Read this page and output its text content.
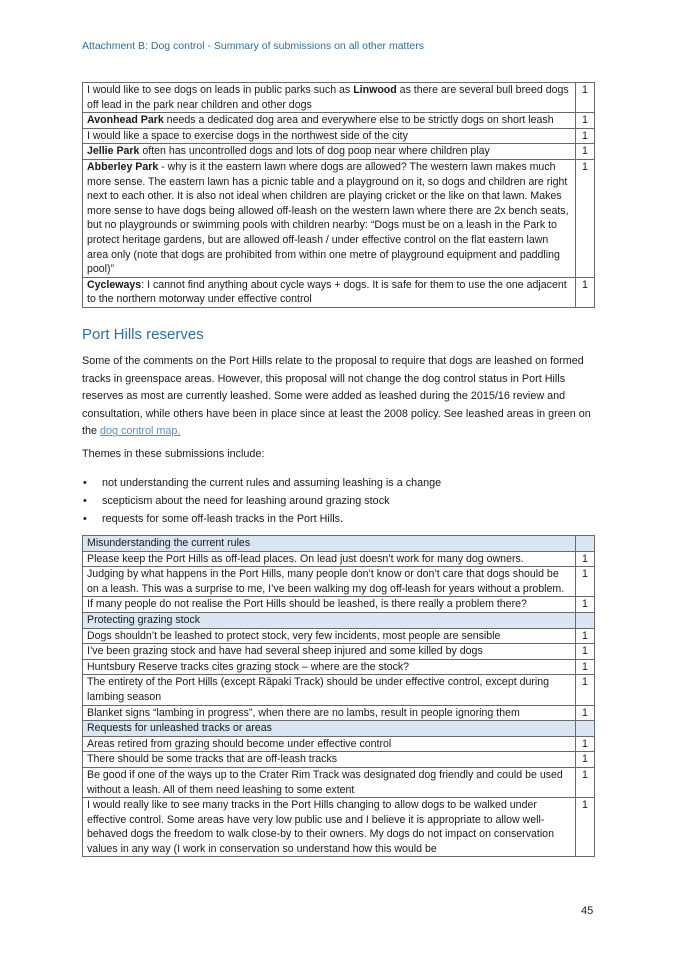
Attachment B: Dog control - Summary of submissions on all other matters
I would like to see dogs on leads in public parks such as Linwood as there are several bull breed dogs off lead in the park near children and other dogs	1
Avonhead Park needs a dedicated dog area and everywhere else to be strictly dogs on short leash	1
I would like a space to exercise dogs in the northwest side of the city	1
Jellie Park often has uncontrolled dogs and lots of dog poop near where children play	1
Abberley Park - why is it the eastern lawn where dogs are allowed? The western lawn makes much more sense. The eastern lawn has a picnic table and a playground on it, so dogs and children are right next to each other. It is also not ideal when children are playing cricket or the like on that lawn. Makes more sense to have dogs being allowed off-leash on the western lawn where there are 2x bench seats, but no playgrounds or swimming pools with children nearby: “Dogs must be on a leash in the Park to protect heritage gardens, but are allowed off-leash / under effective control on the flat eastern lawn area only (note that dogs are prohibited from within one metre of playground equipment and paddling pool)”	1
Cycleways: I cannot find anything about cycle ways + dogs. It is safe for them to use the one adjacent to the northern motorway under effective control	1
Port Hills reserves

Some of the comments on the Port Hills relate to the proposal to require that dogs are leashed on formed tracks in greenspace areas. However, this proposal will not change the dog control status in Port Hills reserves as most are currently leashed. Some were added as leashed during the 2015/16 review and consultation, while others have been in place since at least the 2008 policy. See leashed areas in green on the dog control map.

Themes in these submissions include:

• not understanding the current rules and assuming leashing is a change
• scepticism about the need for leashing around grazing stock
• requests for some off-leash tracks in the Port Hills.
Misunderstanding the current rules	
Please keep the Port Hills as off-lead places. On lead just doesn’t work for many dog owners.	1
Judging by what happens in the Port Hills, many people don’t know or don’t care that dogs should be on a leash. This was a surprise to me, I’ve been walking my dog off-leash for years without a problem.	1
If many people do not realise the Port Hills should be leashed, is there really a problem there?	1
Protecting grazing stock	
Dogs shouldn’t be leashed to protect stock, very few incidents, most people are sensible	1
I’ve been grazing stock and have had several sheep injured and some killed by dogs	1
Huntsbury Reserve tracks cites grazing stock – where are the stock?	1
The entirety of the Port Hills (except Rāpaki Track) should be under effective control, except during lambing season	1
Blanket signs “lambing in progress”, when there are no lambs, result in people ignoring them	1
Requests for unleashed tracks or areas	
Areas retired from grazing should become under effective control	1
There should be some tracks that are off-leash tracks	1
Be good if one of the ways up to the Crater Rim Track was designated dog friendly and could be used without a leash. All of them need leashing to some extent	1
I would really like to see many tracks in the Port Hills changing to allow dogs to be walked under effective control. Some areas have very low public use and I believe it is appropriate to allow well-behaved dogs the freedom to walk close-by to their owners. My dogs do not impact on conservation values in any way (I work in conservation so understand how this would be	1
45
